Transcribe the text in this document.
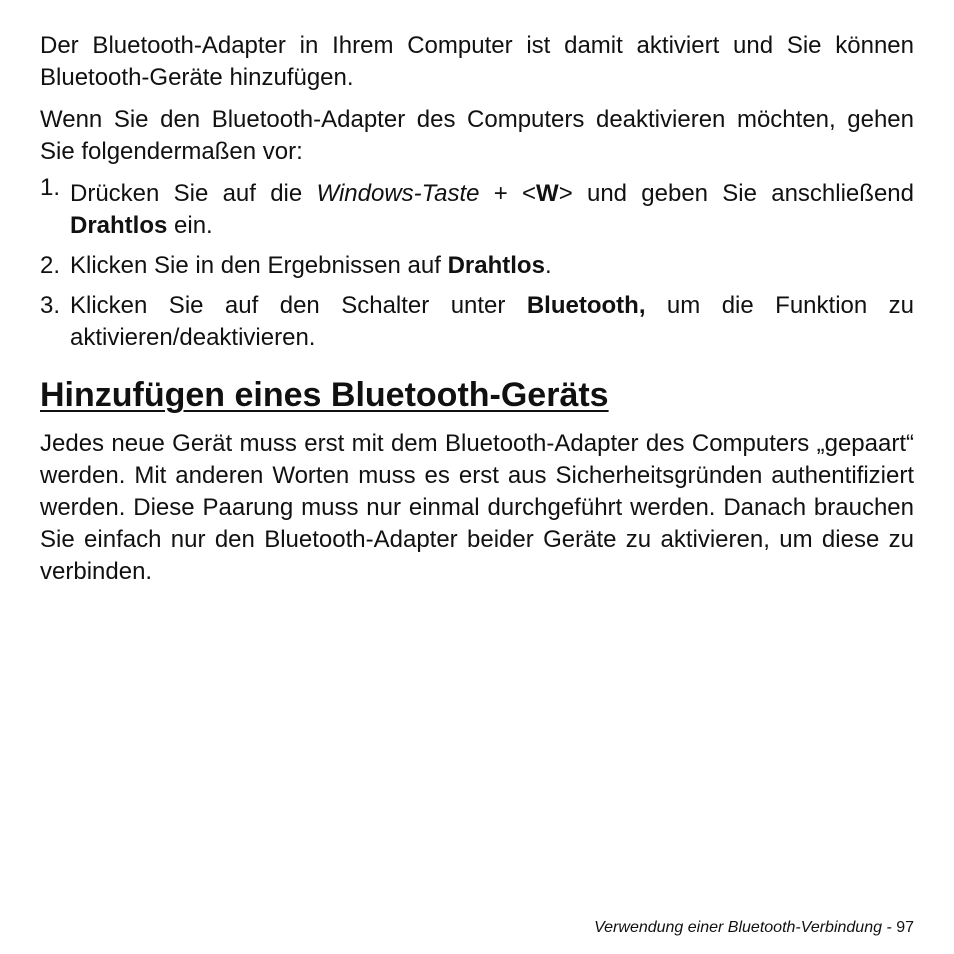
Der Bluetooth-Adapter in Ihrem Computer ist damit aktiviert und Sie können Bluetooth-Geräte hinzufügen.

Wenn Sie den Bluetooth-Adapter des Computers deaktivieren möchten, gehen Sie folgendermaßen vor:

1. Drücken Sie auf die Windows-Taste + <W> und geben Sie anschließend Drahtlos ein.
2. Klicken Sie in den Ergebnissen auf Drahtlos.
3. Klicken Sie auf den Schalter unter Bluetooth, um die Funktion zu aktivieren/deaktivieren.
Hinzufügen eines Bluetooth-Geräts

Jedes neue Gerät muss erst mit dem Bluetooth-Adapter des Computers „gepaart“ werden. Mit anderen Worten muss es erst aus Sicherheitsgründen authentifiziert werden. Diese Paarung muss nur einmal durchgeführt werden. Danach brauchen Sie einfach nur den Bluetooth-Adapter beider Geräte zu aktivieren, um diese zu verbinden.

Verwendung einer Bluetooth-Verbindung - 97
